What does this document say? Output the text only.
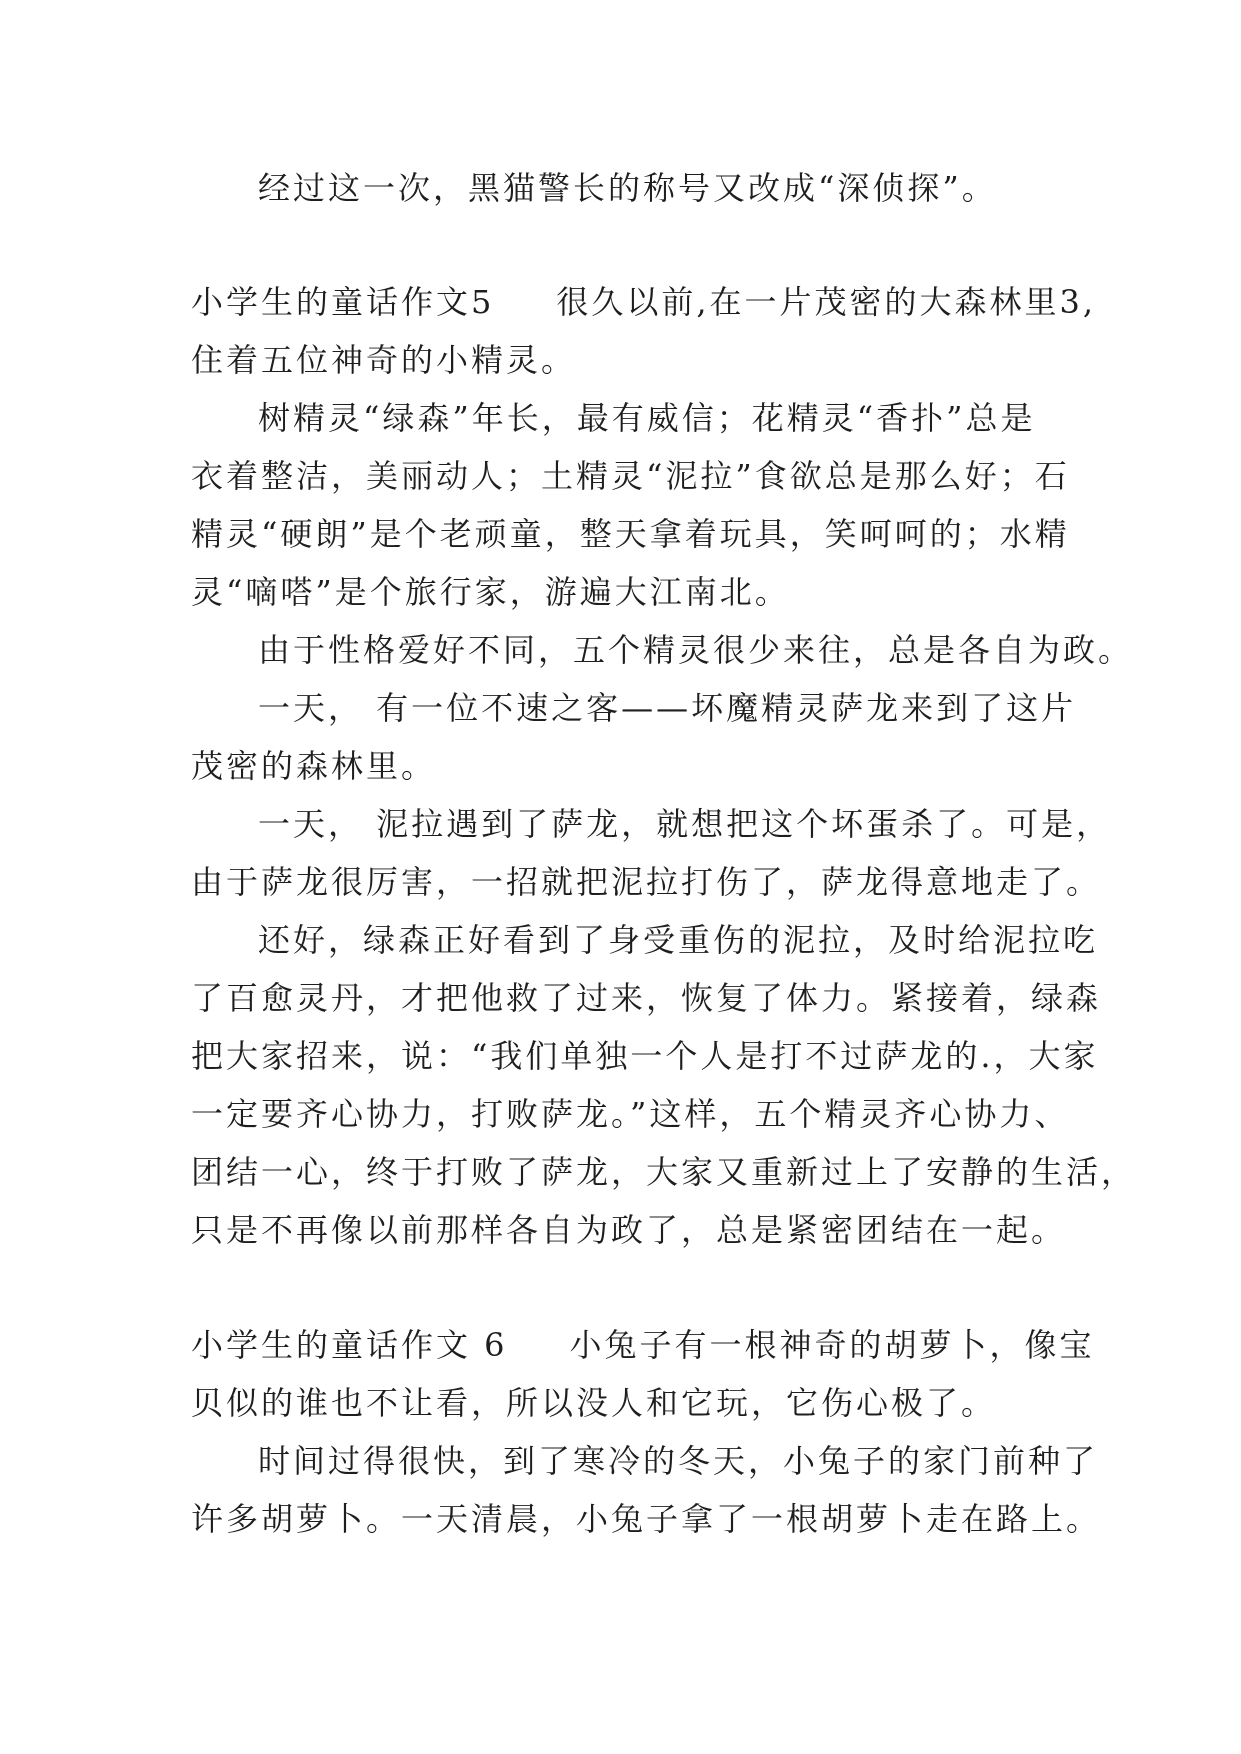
经过这一次，黑猫警长的称号又改成“深侦探”。
小学生的童话作文5 很久以前,在一片茂密的大森林里3,
住着五位神奇的小精灵。
树精灵“绿森”年长，最有威信；花精灵“香扑”总是
衣着整洁，美丽动人；土精灵“泥拉”食欲总是那么好；石
精灵“硬朗”是个老顽童，整天拿着玩具，笑呵呵的；水精
灵“嘀嗒”是个旅行家，游遍大江南北。
由于性格爱好不同，五个精灵很少来往，总是各自为政。
一天， 有一位不速之客——坏魔精灵萨龙来到了这片
茂密的森林里。
一天， 泥拉遇到了萨龙，就想把这个坏蛋杀了。可是，
由于萨龙很厉害，一招就把泥拉打伤了，萨龙得意地走了。
还好，绿森正好看到了身受重伤的泥拉，及时给泥拉吃
了百愈灵丹，才把他救了过来，恢复了体力。紧接着，绿森
把大家招来，说：“我们单独一个人是打不过萨龙的.，大家
一定要齐心协力，打败萨龙。”这样，五个精灵齐心协力、
团结一心，终于打败了萨龙，大家又重新过上了安静的生活，
只是不再像以前那样各自为政了，总是紧密团结在一起。
小学生的童话作文 6 小兔子有一根神奇的胡萝卜，像宝
贝似的谁也不让看，所以没人和它玩，它伤心极了。
时间过得很快，到了寒冷的冬天，小兔子的家门前种了
许多胡萝卜。一天清晨，小兔子拿了一根胡萝卜走在路上。
